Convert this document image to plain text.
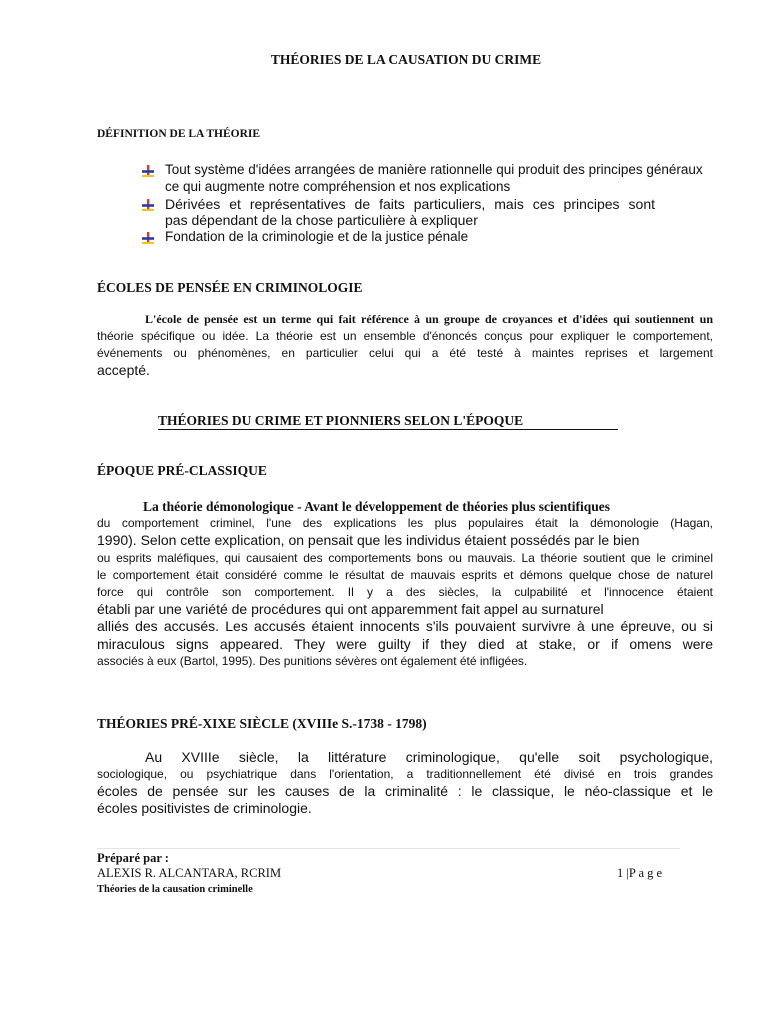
THÉORIES DE LA CAUSATION DU CRIME
DÉFINITION DE LA THÉORIE
Tout système d'idées arrangées de manière rationnelle qui produit des principes généraux
ce qui augmente notre compréhension et nos explications
Dérivées et représentatives de faits particuliers, mais ces principes sont
pas dépendant de la chose particulière à expliquer
Fondation de la criminologie et de la justice pénale
ÉCOLES DE PENSÉE EN CRIMINOLOGIE
L'école de pensée est un terme qui fait référence à un groupe de croyances et d'idées qui soutiennent un
théorie spécifique ou idée. La théorie est un ensemble d'énoncés conçus pour expliquer le comportement,
événements ou phénomènes, en particulier celui qui a été testé à maintes reprises et largement
accepté.
THÉORIES DU CRIME ET PIONNIERS SELON L'ÉPOQUE
ÉPOQUE PRÉ-CLASSIQUE
La théorie démonologique - Avant le développement de théories plus scientifiques
du comportement criminel, l'une des explications les plus populaires était la démonologie (Hagan,
1990). Selon cette explication, on pensait que les individus étaient possédés par le bien
ou esprits maléfiques, qui causaient des comportements bons ou mauvais. La théorie soutient que le criminel
le comportement était considéré comme le résultat de mauvais esprits et démons quelque chose de naturel
force qui contrôle son comportement. Il y a des siècles, la culpabilité et l'innocence étaient
établi par une variété de procédures qui ont apparemment fait appel au surnaturel
alliés des accusés. Les accusés étaient innocents s'ils pouvaient survivre à une épreuve, ou si
miraculous signs appeared. They were guilty if they died at stake, or if omens were
associés à eux (Bartol, 1995). Des punitions sévères ont également été infligées.
THÉORIES PRÉ-XIXE SIÈCLE (XVIIIe S.-1738 - 1798)
Au XVIIIe siècle, la littérature criminologique, qu'elle soit psychologique,
sociologique, ou psychiatrique dans l'orientation, a traditionnellement été divisé en trois grandes
écoles de pensée sur les causes de la criminalité : le classique, le néo-classique et le
écoles positivistes de criminologie.
Préparé par :
ALEXIS R. ALCANTARA, RCRIM
Théories de la causation criminelle
1 |P a g e
